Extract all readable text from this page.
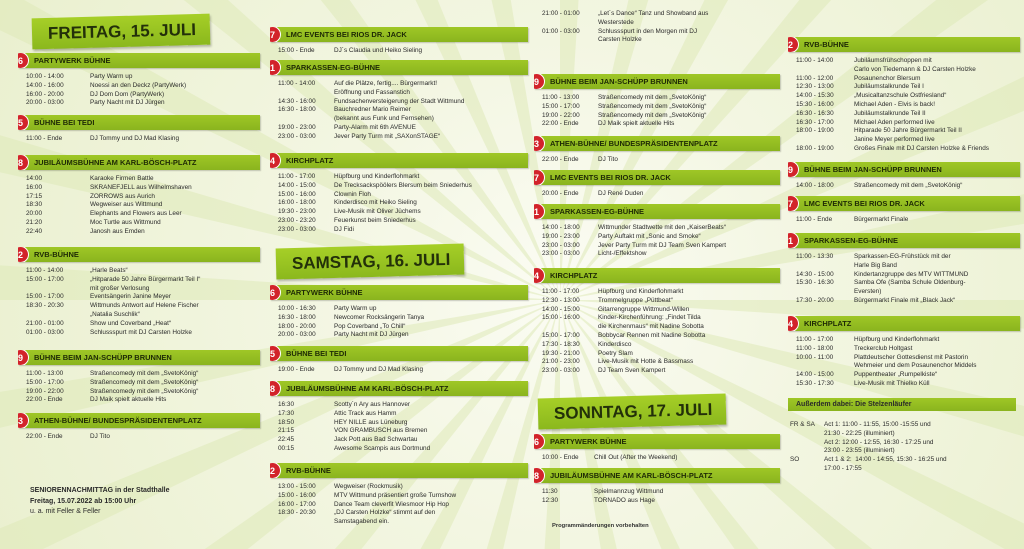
FREITAG, 15. JULI
6	PARTYWERK BÜHNE
10:00 - 14:00	Party Warm up
14:00 - 16:00	Noessi an den Deckz (PartyWerk)
16:00 - 20:00	DJ Dom Dom (PartyWerk)
20:00 - 03:00	Party Nacht mit DJ Jürgen
5	BÜHNE BEI TEDI
11:00 - Ende	DJ Tommy und DJ Mad Klasing
8	JUBILÄUMSBÜHNE AM KARL-BÖSCH-PLATZ
14:00	Karaoke Firmen Battle
16:00	SKRANEFJELL aus Wilhelmshaven
17:15	ZORROWS aus Aurich
18:30	Wegweiser aus Wittmund
20:00	Elephants and Flowers aus Leer
21:20	Moc Turtle aus Wittmund
22:40	Janosh aus Emden
2	RVB-BÜHNE
11:00 - 14:00	„Harle Beats“
15:00 - 17:00	„Hitparade 50 Jahre Bürgermarkt Teil I“
mit großer Verlosung
15:00 - 17:00	Eventsängerin Janine Meyer
18:30 - 20:30	Wittmunds Antwort auf Helene Fischer
„Natalia Suschlik“
21:00 - 01:00	Show und Coverband „Heat“
01:00 - 03:00	Schlussspurt mit DJ Carsten Holzke
9	BÜHNE BEIM JAN-SCHÜPP BRUNNEN
11:00 - 13:00	Straßencomedy mit dem „SvetoKönig“
15:00 - 17:00	Straßencomedy mit dem „SvetoKönig“
19:00 - 22:00	Straßencomedy mit dem „SvetoKönig“
22:00 - Ende	DJ Maik spielt aktuelle Hits
3	ATHEN-BÜHNE/ BUNDESPRÄSIDENTENPLATZ
22:00 - Ende	DJ Tito
SENIORENNACHMITTAG in der Stadthalle
Freitag, 15.07.2022 ab 15:00 Uhr
u. a. mit Feller & Feller
7	LMC EVENTS BEI RIOS DR. JACK
15:00 - Ende	DJ´s Claudia und Heiko Sieling
1	SPARKASSEN-EG-BÜHNE
11:00 - 14:00	Auf die Plätze, fertig.... Bürgermarkt!
Eröffnung und Fassanstich
14:30 - 16:00	Fundsachenversteigerung der Stadt Wittmund
16:30 - 18:00	Bauchredner Mario Reimer
(bekannt aus Funk und Fernsehen)
19:00 - 23:00	Party-Alarm mit 6th AVENUE
23:00 - 03:00	Jever Party Turm mit „SAXonSTAGE“
4	KIRCHPLATZ
11:00 - 17:00	Hüpfburg und Kinderflohmarkt
14:00 - 15:00	De Trecksackspöölers Blersum beim Sniederhus
15:00 - 16:00	Clownin Floh
16:00 - 18:00	Kinderdisco mit Heiko Sieling
19:30 - 23:00	Live-Musik mit Oliver Jüchems
23:00 - 23:20	Feuerkunst beim Sniederhus
23:00 - 03:00	DJ Fidi
SAMSTAG, 16. JULI
6	PARTYWERK BÜHNE
10:00 - 16:30	Party Warm up
16:30 - 18:00	Newcomer Rocksängerin Tanya
18:00 - 20:00	Pop Coverband „To Chill“
20:00 - 03:00	Party Nacht mit DJ Jürgen
5	BÜHNE BEI TEDI
19:00 - Ende	DJ Tommy und DJ Mad Klasing
8	JUBILÄUMSBÜHNE AM KARL-BÖSCH-PLATZ
16:30	Scotty´n Ary aus Hannover
17:30	Attic Track aus Hamm
18:50	HEY NILLE aus Lüneburg
21:15	VON GRAMBUSCH aus Bremen
22:45	Jack Pott aus Bad Schwartau
00:15	Awesome Scampis aus Dortmund
2	RVB-BÜHNE
13:00 - 15:00	Wegweiser (Rockmusik)
15:00 - 16:00	MTV Wittmund präsentiert große Turnshow
16:00 - 17:00	Dance Team cleverfit Wiesmoor Hip Hop
18:30 - 20:30	„DJ Carsten Holzke“ stimmt auf den
Samstagabend ein.
21:00 - 01:00	„Let´s Dance“ Tanz und Showband aus
Westerstede
01:00 - 03:00	Schlussspurt in den Morgen mit DJ
Carsten Holzke
9	BÜHNE BEIM JAN-SCHÜPP BRUNNEN
11:00 - 13:00	Straßencomedy mit dem „SvetoKönig“
15:00 - 17:00	Straßencomedy mit dem „SvetoKönig“
19:00 - 22:00	Straßencomedy mit dem „SvetoKönig“
22:00 - Ende	DJ Maik spielt aktuelle Hits
3	ATHEN-BÜHNE/ BUNDESPRÄSIDENTENPLATZ
22:00 - Ende	DJ Tito
7	LMC EVENTS BEI RIOS DR. JACK
20:00 - Ende	DJ René Duden
1	SPARKASSEN-EG-BÜHNE
14:00 - 18:00	Wittmunder Stadtwette mit den „KaiserBeats“
19:00 - 23:00	Party Auftakt mit „Sonic and Smoke“
23:00 - 03:00	Jever Party Turm mit DJ Team Sven Kampert
23:00 - 03:00	Licht-/Effektshow
4	KIRCHPLATZ
11:00 - 17:00	Hüpfburg und Kinderflohmarkt
12:30 - 13:00	Trommelgruppe „Püttbeat“
14:00 - 15:00	Gitarrengruppe Wittmund-Willen
15:00 - 16:00	Kinder-Kirchenführung: „Findet Tilda
die Kirchenmaus“ mit Nadine Sobotta
15:00 - 17:00	Bobbycar Rennen mit Nadine Sobotta
17:30 - 18:30	Kinderdisco
19:30 - 21:00	Poetry Slam
21:00 - 23:00	Live-Musik mit Hotte & Bassmass
23:00 - 03:00	DJ Team Sven Kampert
SONNTAG, 17. JULI
6	PARTYWERK BÜHNE
10:00 - Ende	Chill Out (After the Weekend)
8	JUBILÄUMSBÜHNE AM KARL-BÖSCH-PLATZ
11:30	Spielmannzug Wittmund
12:30	TORNADO aus Hage
Programmänderungen vorbehalten
2	RVB-BÜHNE
11:00 - 14:00	Jubiläumsfrühschoppen mit
Carlo von Tiedemann & DJ Carsten Holzke
11:00 - 12:00	Posaunenchor Blersum
12:30 - 13:00	Jubiläumstalkrunde Teil I
14:00 - 15:30	„Musicaltanzschule Ostfriesland“
15:30 - 16:00	Michael Aden - Elvis is back!
16:30 - 16:30	Jubiläumstalkrunde Teil II
16:30 - 17:00	Michael Aden performed live
18:00 - 19:00	Hitparade 50 Jahre Bürgermarkt Teil II
Janine Meyer performed live
18:00 - 19:00	Großes Finale mit DJ Carsten Holzke & Friends
9	BÜHNE BEIM JAN-SCHÜPP BRUNNEN
14:00 - 18:00	Straßencomedy mit dem „SvetoKönig“
7	LMC EVENTS BEI RIOS DR. JACK
11:00 - Ende	Bürgermarkt Finale
1	SPARKASSEN-EG-BÜHNE
11:00 - 13:30	Sparkassen-EG-Frühstück mit der
Harle Big Band
14:30 - 15:00	Kindertanzgruppe des MTV WITTMUND
15:30 - 16:30	Samba Ofe (Samba Schule Oldenburg-
Eversten)
17:30 - 20:00	Bürgermarkt Finale mit „Black Jack“
4	KIRCHPLATZ
11:00 - 17:00	Hüpfburg und Kinderflohmarkt
11:00 - 18:00	Treckerclub Holtgast
10:00 - 11:00	Plattdeutscher Gottesdienst mit Pastorin
Wehmeier und dem Posaunenchor Middels
14:00 - 15:00	Puppentheater „Rumpelkiste“
15:30 - 17:30	Live-Musik mit Thielko Küll
Außerdem dabei: Die Stelzenläufer
FR & SA	Act 1: 11:00 - 11:55, 15:00 -15:55 und
21:30 - 22:25 (illuminiert)
Act 2: 12:00 - 12:55, 16:30 - 17:25 und
23:00 - 23:55 (illuminiert)
SO	Act 1 & 2:  14:00 - 14:55, 15:30 - 16:25 und
17:00 - 17:55
